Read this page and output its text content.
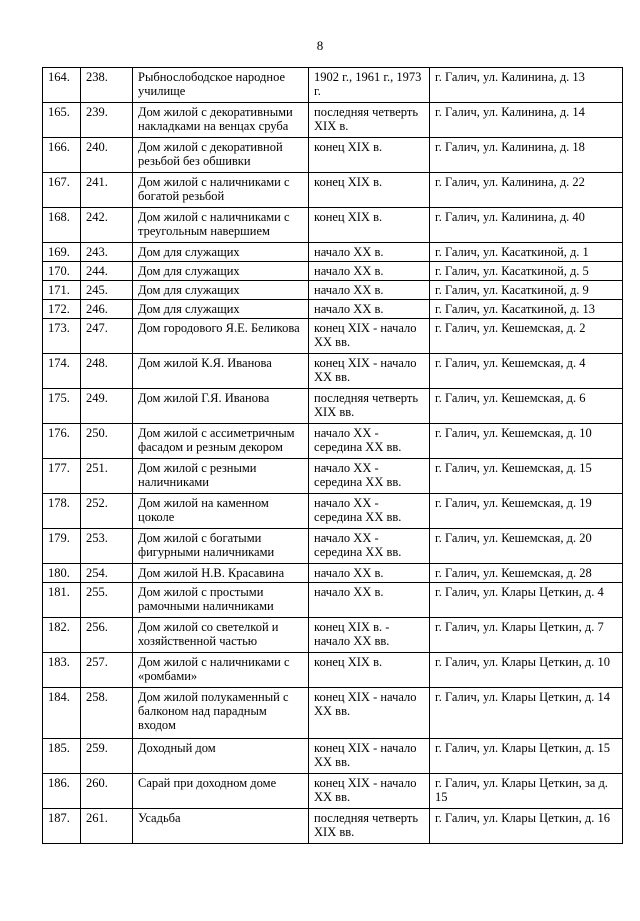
8
164.	238.	Рыбнослободское народное училище	1902 г., 1961 г., 1973 г.	г. Галич, ул. Калинина, д. 13
165.	239.	Дом жилой с декоративными накладками на венцах сруба	последняя четверть XIX в.	г. Галич, ул. Калинина, д. 14
166.	240.	Дом жилой с декоративной резьбой без обшивки	конец XIX в.	г. Галич, ул. Калинина, д. 18
167.	241.	Дом жилой с наличниками с богатой резьбой	конец XIX в.	г. Галич, ул. Калинина, д. 22
168.	242.	Дом жилой с наличниками с треугольным навершием	конец XIX в.	г. Галич, ул. Калинина, д. 40
169.	243.	Дом для служащих	начало XX в.	г. Галич, ул. Касаткиной, д. 1
170.	244.	Дом для служащих	начало XX в.	г. Галич, ул. Касаткиной, д. 5
171.	245.	Дом для служащих	начало XX в.	г. Галич, ул. Касаткиной, д. 9
172.	246.	Дом для служащих	начало XX в.	г. Галич, ул. Касаткиной, д. 13
173.	247.	Дом городового Я.Е. Беликова	конец XIX - начало XX вв.	г. Галич, ул. Кешемская, д. 2
174.	248.	Дом жилой К.Я. Иванова	конец XIX - начало XX вв.	г. Галич, ул. Кешемская, д. 4
175.	249.	Дом жилой Г.Я. Иванова	последняя четверть XIX вв.	г. Галич, ул. Кешемская, д. 6
176.	250.	Дом жилой с ассиметричным фасадом и резным декором	начало XX - середина XX вв.	г. Галич, ул. Кешемская, д. 10
177.	251.	Дом жилой с резными наличниками	начало XX - середина XX вв.	г. Галич, ул. Кешемская, д. 15
178.	252.	Дом жилой на каменном цоколе	начало XX - середина XX вв.	г. Галич, ул. Кешемская, д. 19
179.	253.	Дом жилой с богатыми фигурными наличниками	начало XX - середина XX вв.	г. Галич, ул. Кешемская, д. 20
180.	254.	Дом жилой Н.В. Красавина	начало XX в.	г. Галич, ул. Кешемская, д. 28
181.	255.	Дом жилой с простыми рамочными наличниками	начало XX в.	г. Галич, ул. Клары Цеткин, д. 4
182.	256.	Дом жилой со светелкой и хозяйственной частью	конец XIX в. - начало XX вв.	г. Галич, ул. Клары Цеткин, д. 7
183.	257.	Дом жилой с наличниками с «ромбами»	конец XIX в.	г. Галич, ул. Клары Цеткин, д. 10
184.	258.	Дом жилой полукаменный с балконом над парадным входом	конец XIX - начало XX вв.	г. Галич, ул. Клары Цеткин, д. 14
185.	259.	Доходный дом	конец XIX - начало XX вв.	г. Галич, ул. Клары Цеткин, д. 15
186.	260.	Сарай при доходном доме	конец XIX - начало XX вв.	г. Галич, ул. Клары Цеткин, за д. 15
187.	261.	Усадьба	последняя четверть XIX вв.	г. Галич, ул. Клары Цеткин, д. 16
